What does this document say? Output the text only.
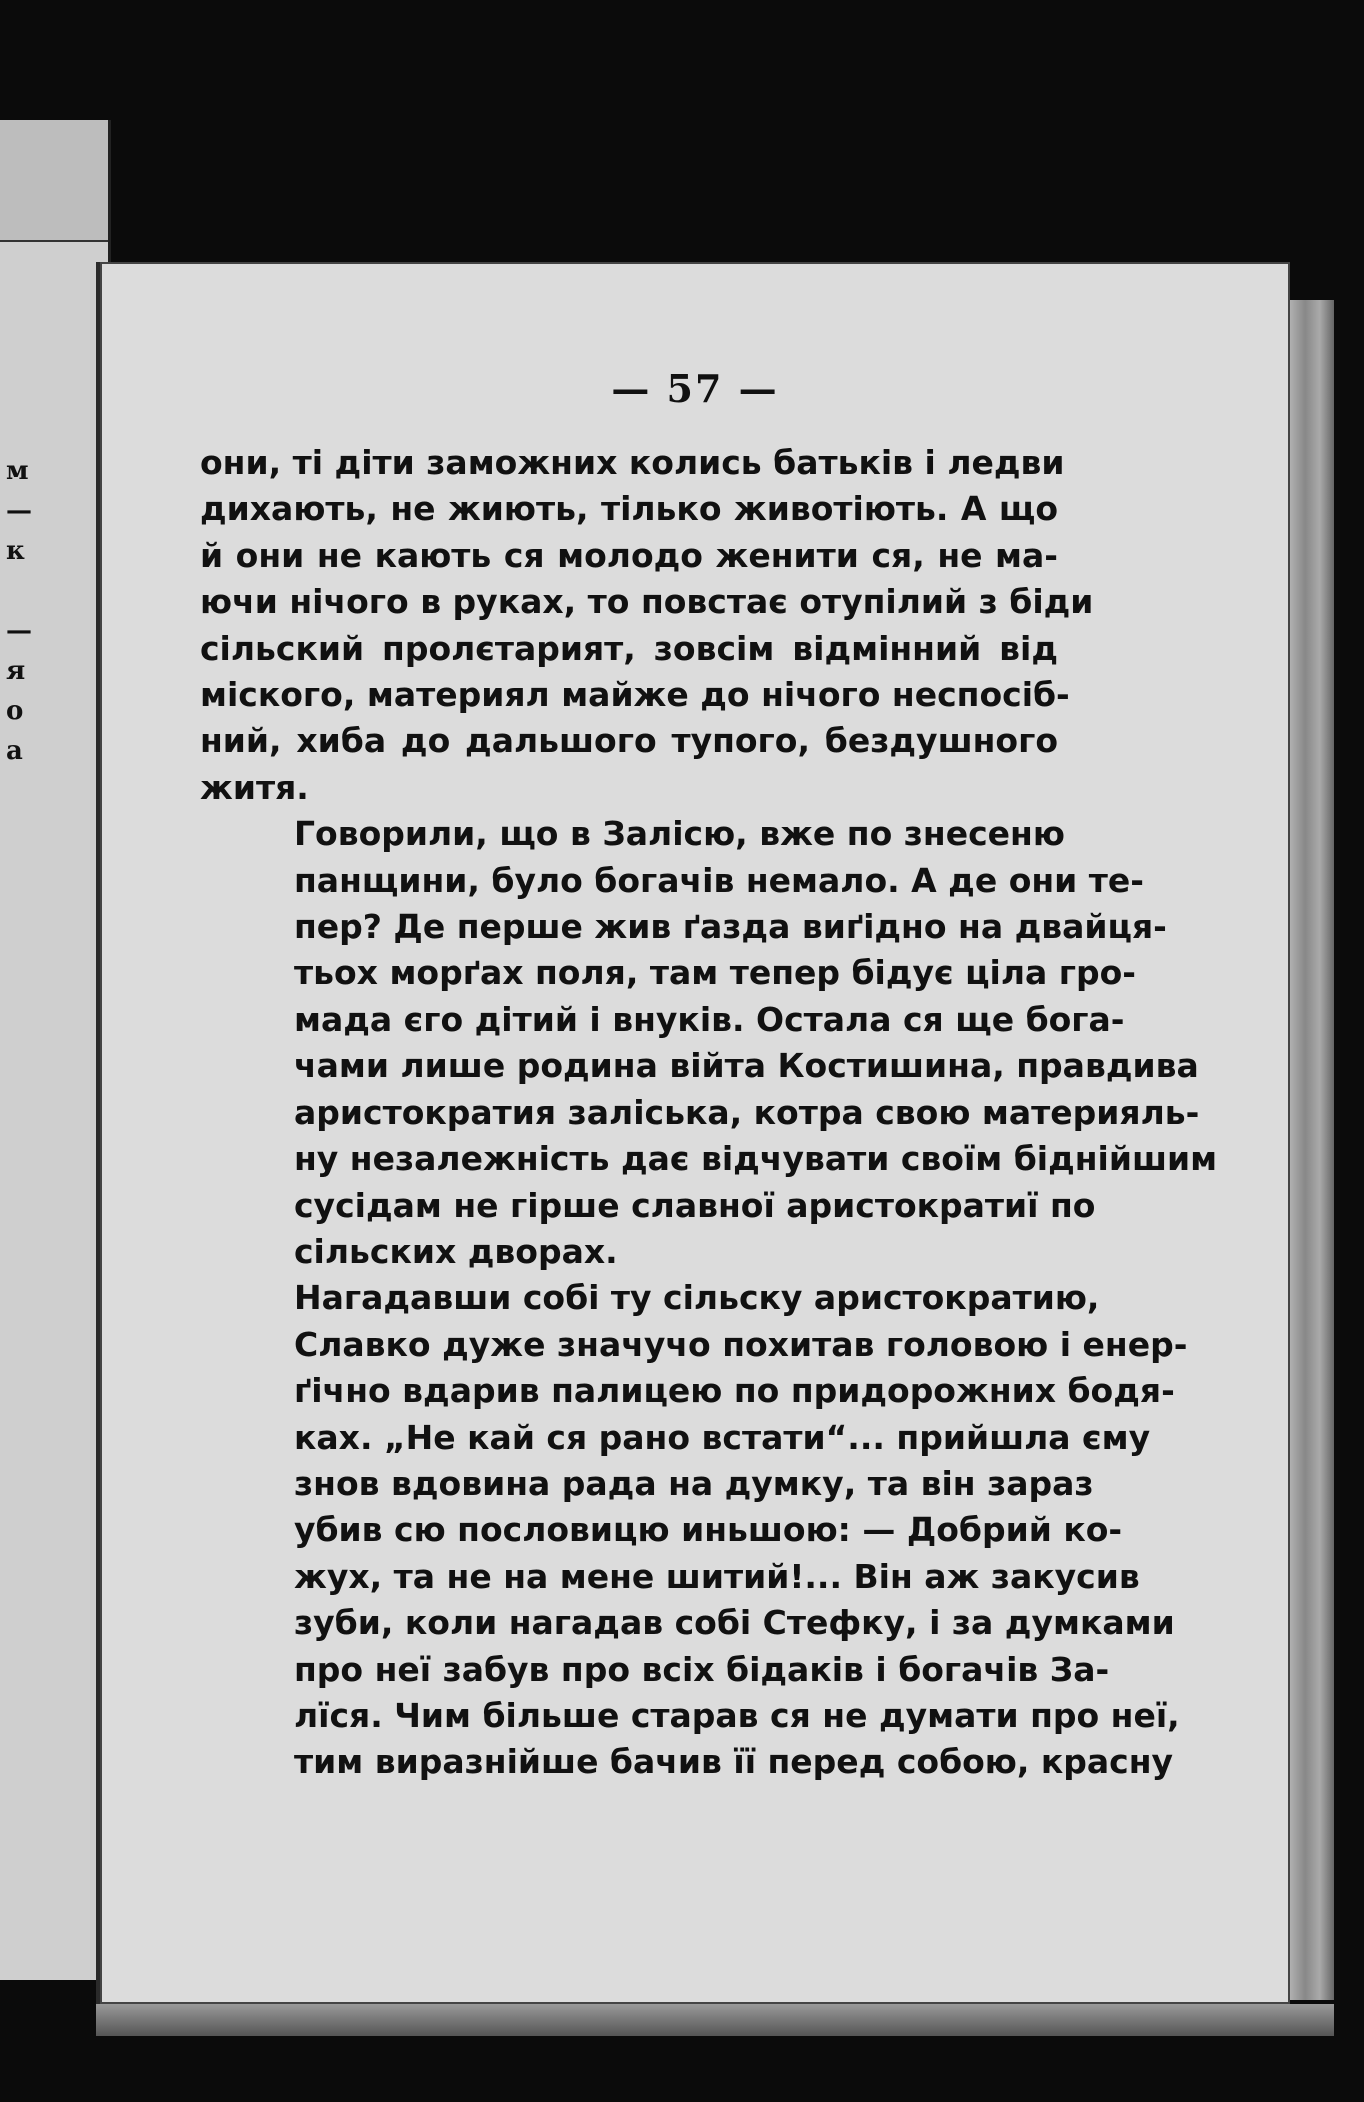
м
—
к
—
я
о
а
— 57 —

они, ті діти заможних колись батьків і ледви
дихають, не жиють, тілько животіють. А що
й они не кають ся молодо женити ся, не ма-
ючи нічого в руках, то повстає отупілий з біди
сільский пролєтарият, зовсім відмінний від
міского, материял майже до нічого неспосіб-
ний, хиба до дальшого тупого, бездушного
житя.

Говорили, що в Залісю, вже по знесеню
панщини, було богачів немало. А де они те-
пер? Де перше жив ґазда виґідно на двайця-
тьох морґах поля, там тепер бідує ціла гро-
мада єго дітий і внуків. Остала ся ще бога-
чами лише родина війта Костишина, правдива
аристократия заліська, котра свою материяль-
ну незалежність дає відчувати своїм біднійшим
сусідам не гірше славної аристократиї по
сільских дворах.

Нагадавши собі ту сільску аристократию,
Славко дуже значучо похитав головою і енер-
ґічно вдарив палицею по придорожних бодя-
ках. „Не кай ся рано встати“... прийшла єму
знов вдовина рада на думку, та він зараз
убив сю пословицю иньшою: — Добрий ко-
жух, та не на мене шитий!... Він аж закусив
зуби, коли нагадав собі Стефку, і за думками
про неї забув про всіх бідаків і богачів За-
лїся. Чим більше старав ся не думати про неї,
тим виразнійше бачив її перед собою, красну
